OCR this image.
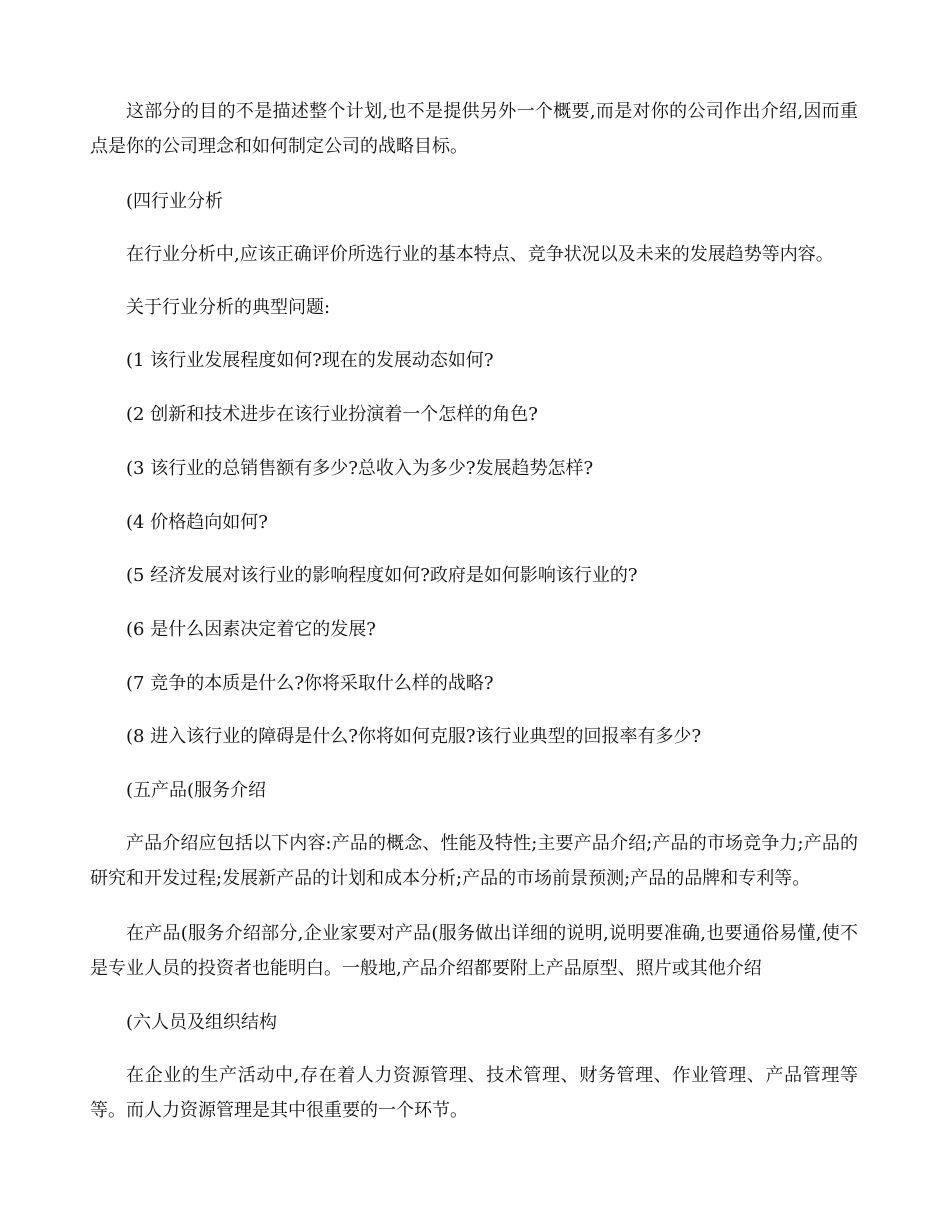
这部分的目的不是描述整个计划,也不是提供另外一个概要,而是对你的公司作出介绍,因而重点是你的公司理念和如何制定公司的战略目标。

(四行业分析

在行业分析中,应该正确评价所选行业的基本特点、竞争状况以及未来的发展趋势等内容。

关于行业分析的典型问题:

(1 该行业发展程度如何?现在的发展动态如何?

(2 创新和技术进步在该行业扮演着一个怎样的角色?

(3 该行业的总销售额有多少?总收入为多少?发展趋势怎样?

(4 价格趋向如何?

(5 经济发展对该行业的影响程度如何?政府是如何影响该行业的?

(6 是什么因素决定着它的发展?

(7 竞争的本质是什么?你将采取什么样的战略?

(8 进入该行业的障碍是什么?你将如何克服?该行业典型的回报率有多少?

(五产品(服务介绍

产品介绍应包括以下内容:产品的概念、性能及特性;主要产品介绍;产品的市场竞争力;产品的研究和开发过程;发展新产品的计划和成本分析;产品的市场前景预测;产品的品牌和专利等。

在产品(服务介绍部分,企业家要对产品(服务做出详细的说明,说明要准确,也要通俗易懂,使不是专业人员的投资者也能明白。一般地,产品介绍都要附上产品原型、照片或其他介绍

(六人员及组织结构

在企业的生产活动中,存在着人力资源管理、技术管理、财务管理、作业管理、产品管理等等。而人力资源管理是其中很重要的一个环节。
